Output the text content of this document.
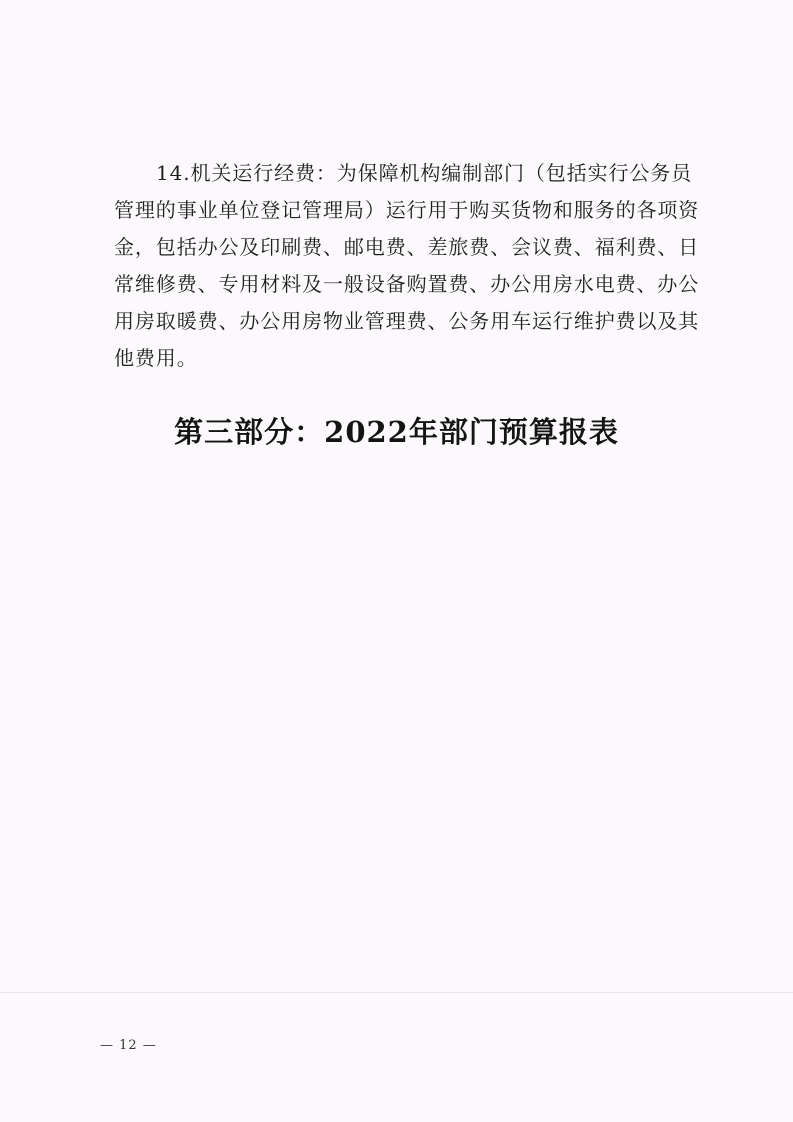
14.机关运行经费：为保障机构编制部门（包括实行公务员
管理的事业单位登记管理局）运行用于购买货物和服务的各项资
金，包括办公及印刷费、邮电费、差旅费、会议费、福利费、日
常维修费、专用材料及一般设备购置费、办公用房水电费、办公
用房取暖费、办公用房物业管理费、公务用车运行维护费以及其
他费用。
第三部分：2022年部门预算报表
— 12 —
